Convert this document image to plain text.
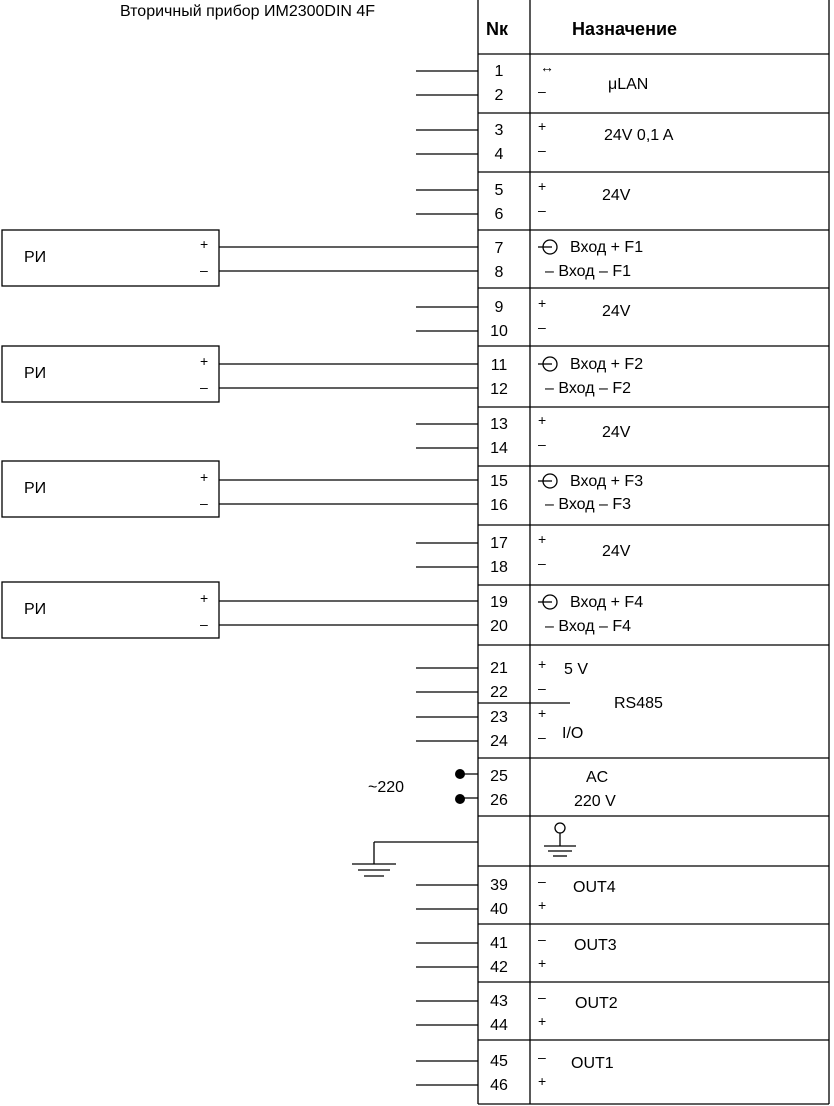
Вторичный прибор ИМ2300DIN 4F
Nк	Назначение
1	↔
2 –
3 +
4 –
5 +
6 –
7
8
9 +
10 –
11
12
13 +
14 –
15
16
17 +
18 –
19
20
21 +
22 –
23 +
24 –
25
26
39 –
40 +
41 –
42 +
43 –
44 +
45 –
46 +
μLAN
24V 0,1 A
24V
24V
24V
24V
Вход + F1
– Вход – F1
Вход + F2
– Вход – F2
Вход + F3
– Вход – F3
Вход + F4
– Вход – F4
5 V
RS485
I/O
AC
220 V
~220
OUT4
OUT3
OUT2
OUT1
РИ
+
–
РИ
+
–
РИ
+
–
РИ
+
–
